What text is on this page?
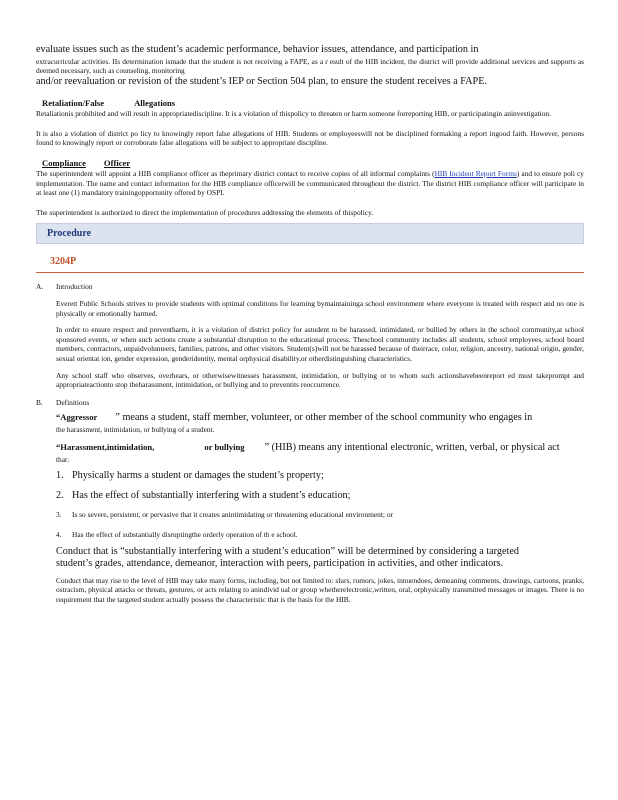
evaluate issues such as the student’s academic performance, behavior issues, attendance, and participation in

extracurricular activities. IIs determination ismade that the student is not receiving a FAPE, as a r esult of the HIB incident, the district will provide additional services and supports as deemed necessary, such as counseling, monitoring

and/or reevaluation or revision of the student’s IEP or Section 504 plan, to ensure the student receives a FAPE.

Retaliation/False	Allegations

Retaliationis prohibited and will result in appropriatediscipline. It is a violation of thispolicy to threaten or harm someone forreporting HIB, or participatingin aninvestigation.

It is also a violation of district po licy to knowingly report false allegations of HIB. Students or employeeswill not be disciplined formaking a report ingood faith. However, persons found to knowingly report or corroborate false allegations will be subject to appropriate discipline.

Compliance Officer

The superintendent will appoint a HIB compliance officer as theprimary district contact to receive copies of all informal complaints (HIB Incident Report Forms) and to ensure poli cy implementation. The name and contact information for the HIB compliance officerwill be communicated throughout the district. The district HIB compliance officer will participate in at least one (1) mandatory trainingopportunity offered by OSPI.

The superintendent is authorized to direct the implementation of procedures addressing the elements of thispolicy.

Procedure

3204P

A.	Introduction

Everett Public Schools strives to provide students with optimal conditions for learning bymaintaininga school environment where everyone is treated with respect and no one is physically or emotionally harmed.

In order to ensure respect and preventharm, it is a violation of district policy for astudent to be harassed, intimidated, or bullied by others in the school community,at school sponsored events, or when such actions create a substantial disruption to the educational process. Theschool community includes all students, school employees, school board members, contractors, unpaidvolunteers, families, patrons, and other visitors. Student(s)will not be harassed because of theirrace, color, religion, ancestry, national origin, gender, sexual orientat ion, gender expression, genderidentity, mental orphysical disability,or otherdistinguishing characteristics.

Any school staff who observes, overhears, or otherwisewitnesses harassment, intimidation, or bullying or to whom such actionshavebeenreport ed must takeprompt and appropriateactionto stop theharassment, intimidation, or bullying and to preventits reoccurrence.

B.	Definitions

“Aggressor ” means a student, staff member, volunteer, or other member of the school community who engages in

the harassment, intimidation, or bullying of a student.

“Harassment,intimidation,	or bullying ” (HIB) means any intentional electronic, written, verbal, or physical act

that:

1. Physically harms a student or damages the student’s property;
2. Has the effect of substantially interfering with a student’s education;
3.	Is so severe, persistent, or pervasive that it creates anintimidating or threatening educational environment; or
4.	Has the effect of substantially disruptingthe orderly operation of th e school.

Conduct that is “substantially interfering with a student’s education” will be determined by considering a targeted

student’s grades, attendance, demeanor, interaction with peers, participation in activities, and other indicators.

Conduct that may rise to the level of HIB may take many forms, including, but not limited to: slurs, rumors, jokes, innuendoes, demeaning comments, drawings, cartoons, pranks, ostracism, physical attacks or threats, gestures, or acts relating to anindivid ual or group whetherelectronic,written, oral, orphysically transmitted messages or images. There is no requirement that the targeted student actually possess the characteristic that is the basis for the HIB.
